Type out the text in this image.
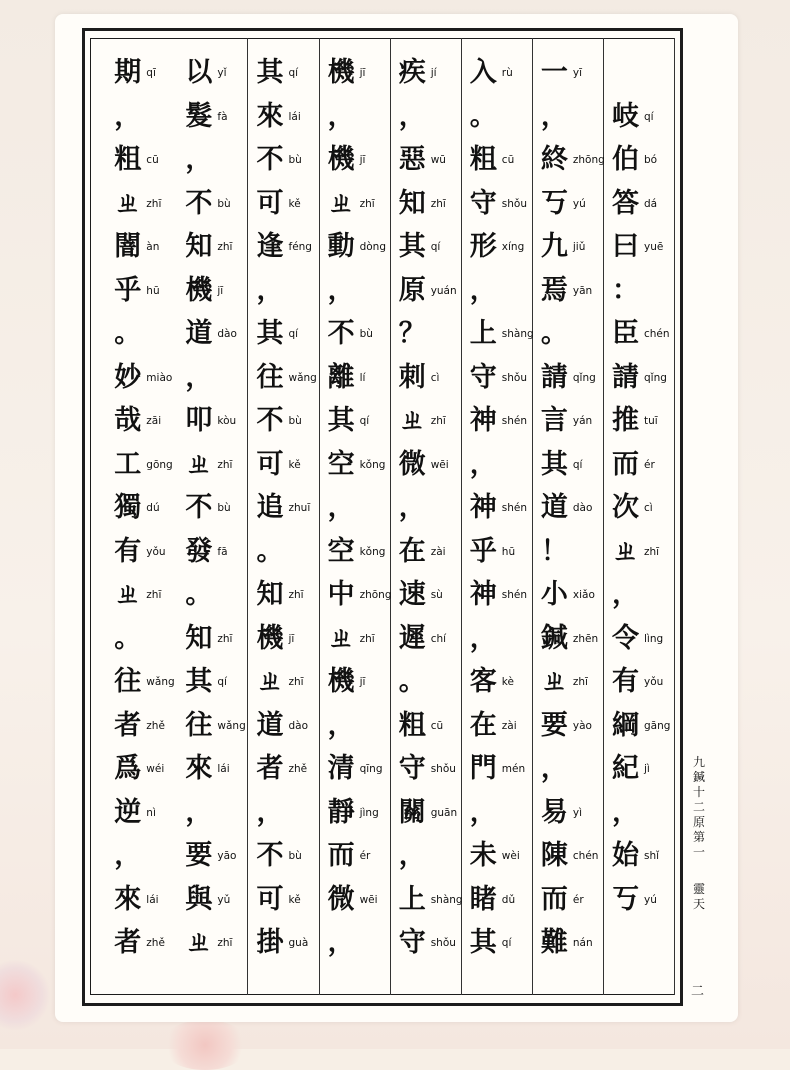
岐 qí
伯 bó
答 dá
曰 yuē
：
臣 chén
請 qǐng
推 tuī
而 ér
次 cì
ㄓ zhī
，
令 lìng
有 yǒu
綱 gāng
紀 jì
，
始 shǐ
丂 yú
一 yī
，
終 zhōng
丂 yú
九 jiǔ
焉 yān
。
請 qǐng
言 yán
其 qí
道 dào
！
小 xiǎo
鍼 zhēn
ㄓ zhī
要 yào
，
易 yì
陳 chén
而 ér
難 nán
入 rù
。
粗 cū
守 shǒu
形 xíng
，
上 shàng
守 shǒu
神 shén
，
神 shén
乎 hū
神 shén
，
客 kè
在 zài
門 mén
，
未 wèi
睹 dǔ
其 qí
疾 jí
，
惡 wū
知 zhī
其 qí
原 yuán
？
刺 cì
ㄓ zhī
微 wēi
，
在 zài
速 sù
遲 chí
。
粗 cū
守 shǒu
關 guān
，
上 shàng
守 shǒu
機 jī
，
機 jī
ㄓ zhī
動 dòng
，
不 bù
離 lí
其 qí
空 kǒng
，
空 kǒng
中 zhōng
ㄓ zhī
機 jī
，
清 qīng
靜 jìng
而 ér
微 wēi
，
其 qí
來 lái
不 bù
可 kě
逢 féng
，
其 qí
往 wǎng
不 bù
可 kě
追 zhuī
。
知 zhī
機 jī
ㄓ zhī
道 dào
者 zhě
，
不 bù
可 kě
掛 guà
以 yǐ
髮 fà
，
不 bù
知 zhī
機 jī
道 dào
，
叩 kòu
ㄓ zhī
不 bù
發 fā
。
知 zhī
其 qí
往 wǎng
來 lái
，
要 yāo
與 yǔ
ㄓ zhī
期 qī
，
粗 cū
ㄓ zhī
闇 àn
乎 hū
。
妙 miào
哉 zāi
工 gōng
獨 dú
有 yǒu
ㄓ zhī
。
往 wǎng
者 zhě
爲 wéi
逆 nì
，
來 lái
者 zhě
九
鍼
十
二
原
第
一
靈
天
二
